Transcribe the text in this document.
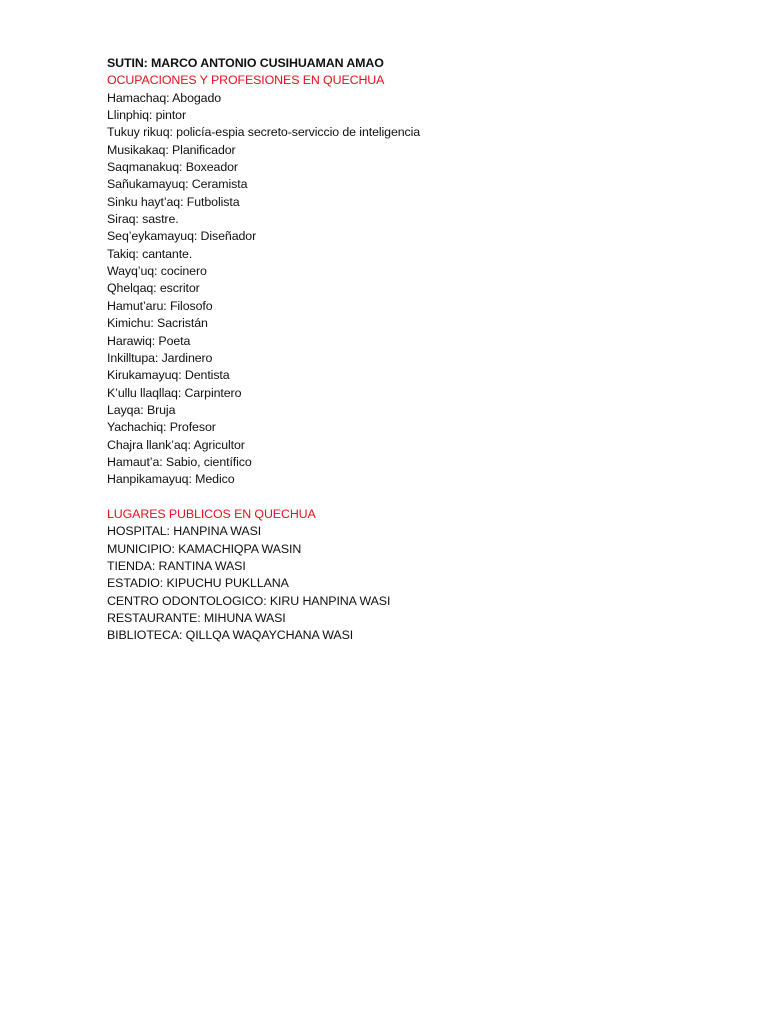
SUTIN: MARCO ANTONIO CUSIHUAMAN AMAO
OCUPACIONES Y PROFESIONES EN QUECHUA
Hamachaq: Abogado
Llinphiq: pintor
Tukuy rikuq: policía-espia secreto-serviccio de inteligencia
Musikakaq: Planificador
Saqmanakuq: Boxeador
Sañukamayuq: Ceramista
Sinku hayt’aq: Futbolista
Siraq: sastre.
Seq’eykamayuq: Diseñador
Takiq: cantante.
Wayq’uq: cocinero
Qhelqaq: escritor
Hamut’aru: Filosofo
Kimichu: Sacristán
Harawiq: Poeta
Inkilltupa: Jardinero
Kirukamayuq: Dentista
K’ullu llaqllaq: Carpintero
Layqa: Bruja
Yachachiq: Profesor
Chajra llank’aq: Agricultor
Hamaut’a: Sabio, científico
Hanpikamayuq: Medico
LUGARES PUBLICOS EN QUECHUA
HOSPITAL: HANPINA WASI
MUNICIPIO: KAMACHIQPA WASIN
TIENDA: RANTINA WASI
ESTADIO: KIPUCHU PUKLLANA
CENTRO ODONTOLOGICO: KIRU HANPINA WASI
RESTAURANTE: MIHUNA WASI
BIBLIOTECA: QILLQA WAQAYCHANA WASI
